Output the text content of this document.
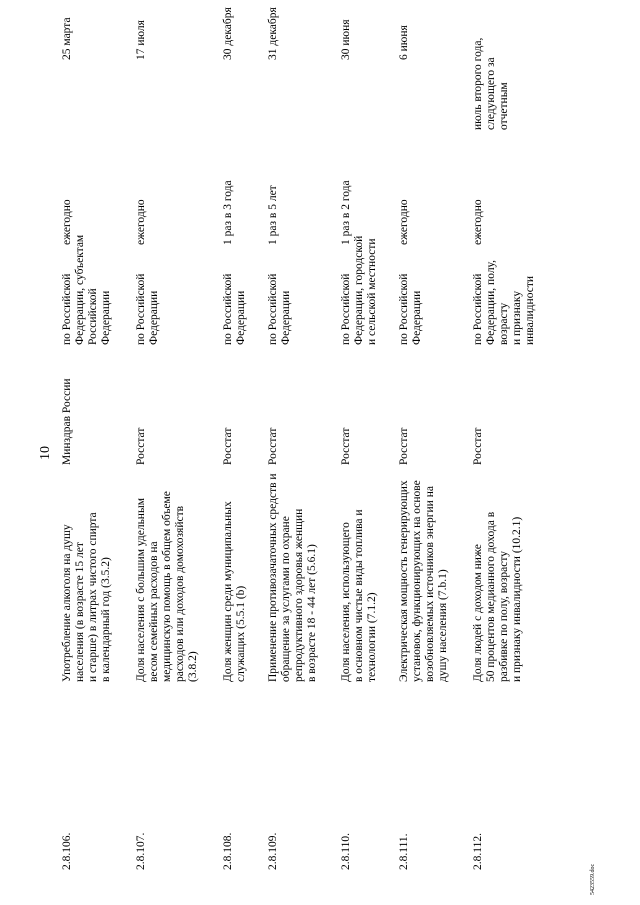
10
2.8.106.
Употребление алкоголя на душу
населения (в возрасте 15 лет
и старше) в литрах чистого спирта
в календарный год (3.5.2)
Минздрав России
по Российской
Федерации, субъектам
Российской
Федерации
ежегодно
25 марта
2.8.107.
Доля населения с большим удельным
весом семейных расходов на
медицинскую помощь в общем объеме
расходов или доходов домохозяйств
(3.8.2)
Росстат
по Российской
Федерации
ежегодно
17 июля
2.8.108.
Доля женщин среди муниципальных
служащих (5.5.1 (b)
Росстат
по Российской
Федерации
1 раз в 3 года
30 декабря
2.8.109.
Применение противозачаточных средств и
обращение за услугами по охране
репродуктивного здоровья женщин
в возрасте 18 - 44 лет (5.6.1)
Росстат
по Российской
Федерации
1 раз в 5 лет
31 декабря
2.8.110.
Доля населения, использующего
в основном чистые виды топлива и
технологии (7.1.2)
Росстат
по Российской
Федерации, городской
и сельской местности
1 раз в 2 года
30 июня
2.8.111.
Электрическая мощность генерирующих
установок, функционирующих на основе
возобновляемых источников энергии на
душу населения (7.b.1)
Росстат
по Российской
Федерации
ежегодно
6 июня
2.8.112.
Доля людей с доходом ниже
50 процентов медианного дохода в
разбивке по полу, возрасту
и признаку инвалидности (10.2.1)
Росстат
по Российской
Федерации, полу,
возрасту
и признаку
инвалидности
ежегодно
июль второго года,
следующего за
отчетным
5423559.doc
